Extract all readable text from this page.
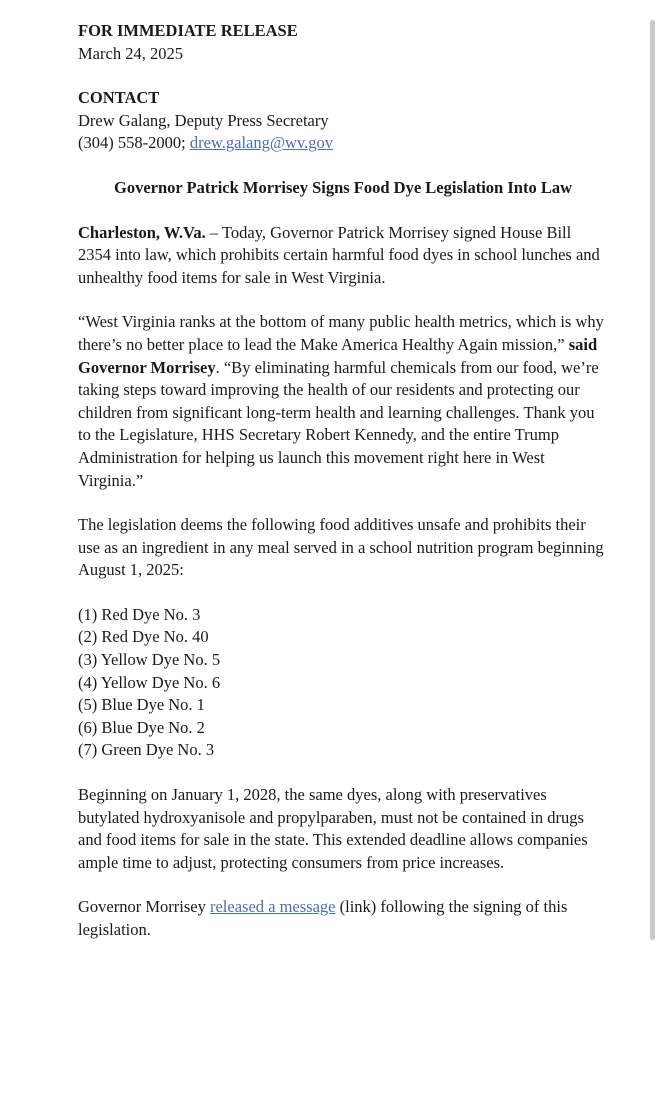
FOR IMMEDIATE RELEASE
March 24, 2025
CONTACT
Drew Galang, Deputy Press Secretary
(304) 558-2000; drew.galang@wv.gov

Governor Patrick Morrisey Signs Food Dye Legislation Into Law

Charleston, W.Va. – Today, Governor Patrick Morrisey signed House Bill 2354 into law, which prohibits certain harmful food dyes in school lunches and unhealthy food items for sale in West Virginia.

“West Virginia ranks at the bottom of many public health metrics, which is why there’s no better place to lead the Make America Healthy Again mission,” said Governor Morrisey. “By eliminating harmful chemicals from our food, we’re taking steps toward improving the health of our residents and protecting our children from significant long-term health and learning challenges. Thank you to the Legislature, HHS Secretary Robert Kennedy, and the entire Trump Administration for helping us launch this movement right here in West Virginia.”

The legislation deems the following food additives unsafe and prohibits their use as an ingredient in any meal served in a school nutrition program beginning August 1, 2025:

(1) Red Dye No. 3
(2) Red Dye No. 40
(3) Yellow Dye No. 5
(4) Yellow Dye No. 6
(5) Blue Dye No. 1
(6) Blue Dye No. 2
(7) Green Dye No. 3

Beginning on January 1, 2028, the same dyes, along with preservatives butylated hydroxyanisole and propylparaben, must not be contained in drugs and food items for sale in the state. This extended deadline allows companies ample time to adjust, protecting consumers from price increases.

Governor Morrisey released a message (link) following the signing of this legislation.
